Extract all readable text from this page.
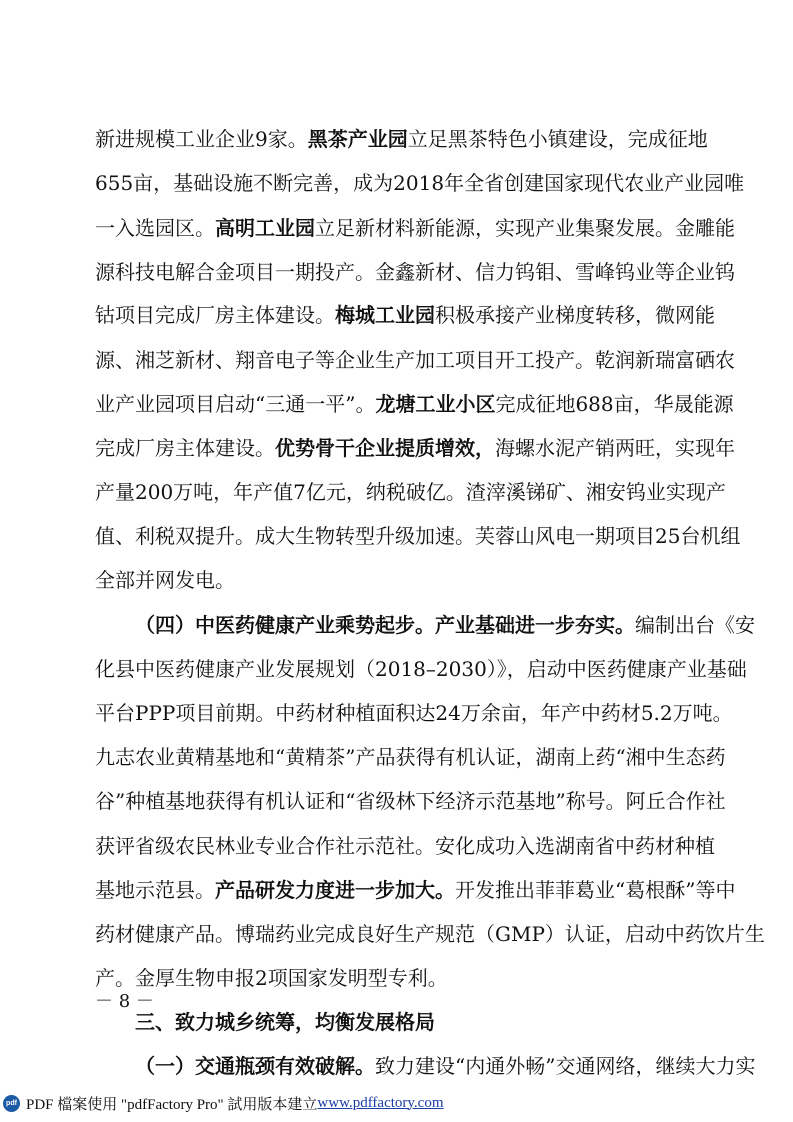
新进规模工业企业9家。黑茶产业园立足黑茶特色小镇建设，完成征地
655亩，基础设施不断完善，成为2018年全省创建国家现代农业产业园唯
一入选园区。高明工业园立足新材料新能源，实现产业集聚发展。金雕能
源科技电解合金项目一期投产。金鑫新材、信力钨钼、雪峰钨业等企业钨
钴项目完成厂房主体建设。梅城工业园积极承接产业梯度转移，微网能
源、湘芝新材、翔音电子等企业生产加工项目开工投产。乾润新瑞富硒农
业产业园项目启动“三通一平”。龙塘工业小区完成征地688亩，华晟能源
完成厂房主体建设。优势骨干企业提质增效，海螺水泥产销两旺，实现年
产量200万吨，年产值7亿元，纳税破亿。渣滓溪锑矿、湘安钨业实现产
值、利税双提升。成大生物转型升级加速。芙蓉山风电一期项目25台机组
全部并网发电。
（四）中医药健康产业乘势起步。产业基础进一步夯实。编制出台《安
化县中医药健康产业发展规划（2018–2030）》，启动中医药健康产业基础
平台PPP项目前期。中药材种植面积达24万余亩，年产中药材5.2万吨。
九志农业黄精基地和“黄精茶”产品获得有机认证，湖南上药“湘中生态药
谷”种植基地获得有机认证和“省级林下经济示范基地”称号。阿丘合作社
获评省级农民林业专业合作社示范社。安化成功入选湖南省中药材种植
基地示范县。产品研发力度进一步加大。开发推出菲菲葛业“葛根酥”等中
药材健康产品。博瑞药业完成良好生产规范（GMP）认证，启动中药饮片生
产。金厚生物申报2项国家发明型专利。
三、致力城乡统筹，均衡发展格局
（一）交通瓶颈有效破解。致力建设“内通外畅”交通网络，继续大力实
－ 8 －
pdf PDF 檔案使用 "pdfFactory Pro" 試用版本建立 www.pdffactory.com
